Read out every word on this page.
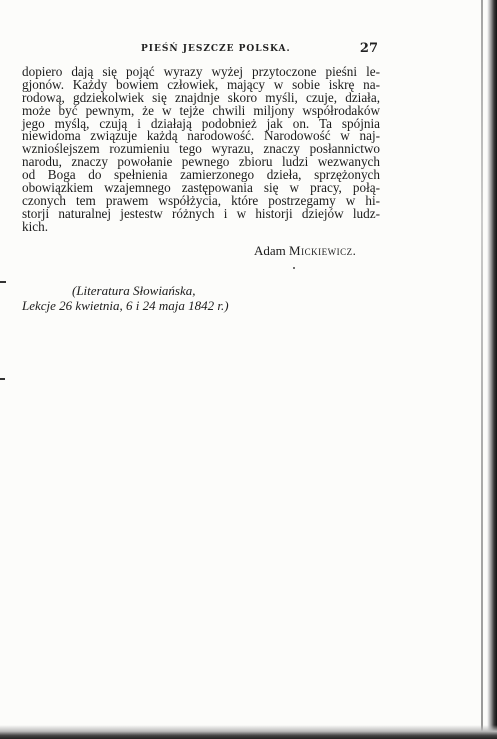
PIEŚŃ JESZCZE POLSKA.	27
dopiero dają się pojąć wyrazy wyżej przytoczone pieśni le-
gjonów. Każdy bowiem człowiek, mający w sobie iskrę na-
rodową, gdziekolwiek się znajdnje skoro myśli, czuje, działa,
może być pewnym, że w tejże chwili miljony współrodaków
jego myślą, czują i działają podobnież jak on. Ta spójnia
niewidoma związuje każdą narodowość. Narodowość w naj-
wznioślejszem rozumieniu tego wyrazu, znaczy posłannictwo
narodu, znaczy powołanie pewnego zbioru ludzi wezwanych
od Boga do spełnienia zamierzonego dzieła, sprzężonych
obowiązkiem wzajemnego zastępowania się w pracy, połą-
czonych tem prawem współżycia, które postrzegamy w hi-
storji naturalnej jestestw różnych i w historji dziejów ludz-
kich.
Adam Mickiewicz.
(Literatura Słowiańska,
Lekcje 26 kwietnia, 6 i 24 maja 1842 r.)
